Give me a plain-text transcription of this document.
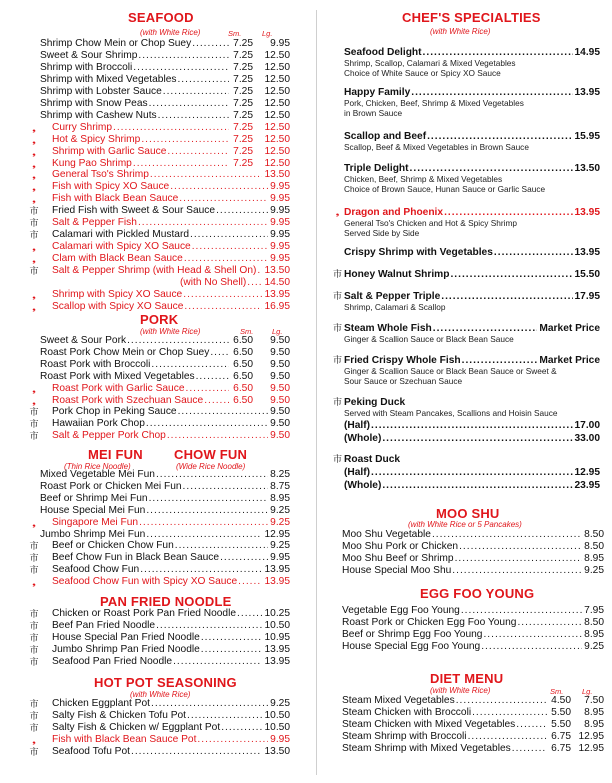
SEAFOOD
(with White Rice)	Sm.	Lg.
Shrimp Chow Mein or Chop Suey .....	7.25	9.95
Sweet & Sour Shrimp .....	7.25	12.50
Shrimp with Broccoli .....	7.25	12.50
Shrimp with Mixed Vegetables .....	7.25	12.50
Shrimp with Lobster Sauce .....	7.25	12.50
Shrimp with Snow Peas .....	7.25	12.50
Shrimp with Cashew Nuts .....	7.25	12.50
❟	Curry Shrimp .....	7.25	12.50
❟	Hot & Spicy Shrimp .....	7.25	12.50
❟	Shrimp with Garlic Sauce .....	7.25	12.50
❟	Kung Pao Shrimp .....	7.25	12.50
❟	General Tso's Shrimp .....	13.50
❟	Fish with Spicy XO Sauce .....	9.95
❟	Fish with Black Bean Sauce .....	9.95
市 Fried Fish with Sweet & Sour Sauce .....	9.95
市 Salt & Pepper Fish .....	9.95
市 Calamari with Pickled Mustard .....	9.95
❟	Calamari with Spicy XO Sauce .....	9.95
❟	Clam with Black Bean Sauce .....	9.95
市 Salt & Pepper Shrimp (with Head & Shell On) ..... 13.50
(with No Shell) .....	14.50
❟	Shrimp with Spicy XO Sauce .....	13.95
❟	Scallop with Spicy XO Sauce .....	16.95
PORK
(with White Rice)	Sm. Lg.
Sweet & Sour Pork .....	6.50	9.50
Roast Pork Chow Mein or Chop Suey .....	6.50	9.50
Roast Pork with Broccoli .....	6.50	9.50
Roast Pork with Mixed Vegetables .....	6.50	9.50
❟	Roast Pork with Garlic Sauce .....	6.50	9.50
❟	Roast Pork with Szechuan Sauce .....	6.50	9.50
市 Pork Chop in Peking Sauce .....	9.50
市 Hawaiian Pork Chop .....	9.50
市 Salt & Pepper Pork Chop .....	9.50
MEI FUN CHOW FUN
(Thin Rice Noodle)	(Wide Rice Noodle)
Mixed Vegetable Mei Fun .....	8.25
Roast Pork or Chicken Mei Fun .....	8.75
Beef or Shrimp Mei Fun .....	8.95
House Special Mei Fun .....	9.25
❟	Singapore Mei Fun .....	9.25
Jumbo Shrimp Mei Fun .....	12.95
市 Beef or Chicken Chow Fun .....	9.25
市 Beef Chow Fun in Black Bean Sauce .....	9.95
市 Seafood Chow Fun .....	13.95
❟	Seafood Chow Fun with Spicy XO Sauce .....	13.95
PAN FRIED NOODLE
市 Chicken or Roast Pork Pan Fried Noodle .....	10.25
市 Beef Pan Fried Noodle .....	10.50
市 House Special Pan Fried Noodle .....	10.95
市 Jumbo Shrimp Pan Fried Noodle .....	13.95
市 Seafood Pan Fried Noodle .....	13.95
HOT POT SEASONING
(with White Rice)
市 Chicken Eggplant Pot .....	9.25
市 Salty Fish & Chicken Tofu Pot .....	10.50
市 Salty Fish & Chicken w/ Eggplant Pot .....	10.50
❟	Fish with Black Bean Sauce Pot .....	9.95
市 Seafood Tofu Pot .....	13.50
CHEF'S SPECIALTIES
(with White Rice)
Seafood Delight .....	14.95
Shrimp, Scallop, Calamari & Mixed Vegetables
Choice of White Sauce or Spicy XO Sauce
Happy Family .....	13.95
Pork, Chicken, Beef, Shrimp & Mixed Vegetables
in Brown Sauce
Scallop and Beef .....	15.95
Scallop, Beef & Mixed Vegetables in Brown Sauce
Triple Delight .....	13.50
Chicken, Beef, Shrimp & Mixed Vegetables
Choice of Brown Sauce, Hunan Sauce or Garlic Sauce
❟ Dragon and Phoenix .....	13.95
General Tso's Chicken and Hot & Spicy Shrimp
Served Side by Side
Crispy Shrimp with Vegetables .....	13.95
市 Honey Walnut Shrimp .....	15.50
市 Salt & Pepper Triple .....	17.95
Shrimp, Calamari & Scallop
市 Steam Whole Fish .....	Market Price
Ginger & Scallion Sauce or Black Bean Sauce
市 Fried Crispy Whole Fish .....	Market Price
Ginger & Scallion Sauce or Black Bean Sauce or Sweet &
Sour Sauce or Szechuan Sauce
市 Peking Duck
Served with Steam Pancakes, Scallions and Hoisin Sauce
(Half) .....	17.00
(Whole) .....	33.00
市 Roast Duck
(Half) .....	12.95
(Whole) .....	23.95
MOO SHU
(with White Rice or 5 Pancakes)
Moo Shu Vegetable .....	8.50
Moo Shu Pork or Chicken .....	8.50
Moo Shu Beef or Shrimp .....	8.95
House Special Moo Shu .....	9.25
EGG FOO YOUNG
Vegetable Egg Foo Young .....	7.95
Roast Pork or Chicken Egg Foo Young .....	8.50
Beef or Shrimp Egg Foo Young .....	8.95
House Special Egg Foo Young .....	9.25
DIET MENU
(with White Rice)	Sm. Lg.
Steam Mixed Vegetables .....	4.50	7.50
Steam Chicken with Broccoli .....	5.50	8.95
Steam Chicken with Mixed Vegetables .....	5.50	8.95
Steam Shrimp with Broccoli .....	6.75 12.95
Steam Shrimp with Mixed Vegetables .....	6.75 12.95
